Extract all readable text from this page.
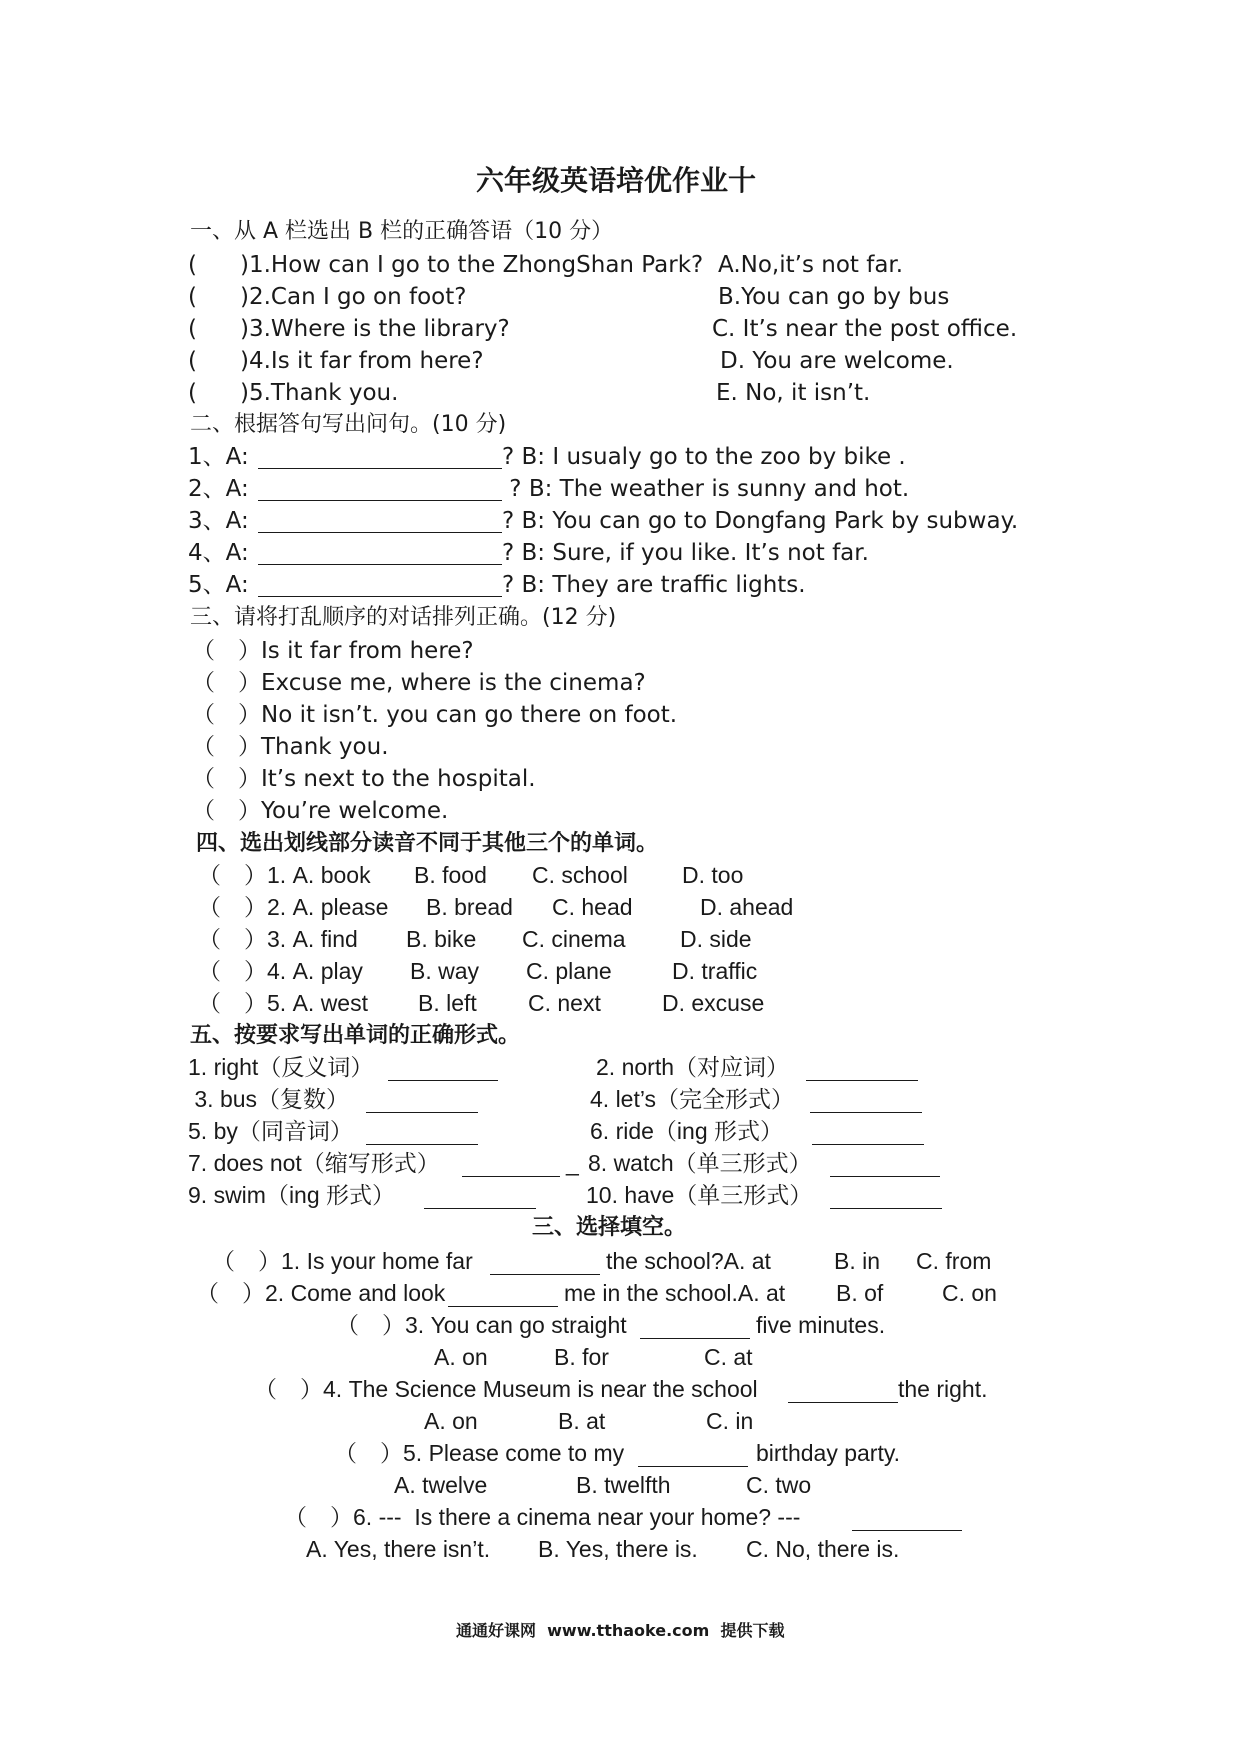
六年级英语培优作业十
一、从 A 栏选出 B 栏的正确答语（10 分）
( )1.How can I go to the ZhongShan Park? A.No,it’s not far.
( )2.Can I go on foot?	B.You can go by bus
( )3.Where is the library?	C. It’s near the post office.
( )4.Is it far from here?	D. You are welcome.
( )5.Thank you.	E. No, it isn’t.
二、根据答句写出问句。(10 分)
1、A:	? B: I usualy go to the zoo by bike .
2、A:	? B: The weather is sunny and hot.
3、A:	? B: You can go to Dongfang Park by subway.
4、A:	? B: Sure, if you like. It’s not far.
5、A:	? B: They are traffic lights.
三、请将打乱顺序的对话排列正确。(12 分)
（　）Is it far from here?
（　）Excuse me, where is the cinema?
（　）No it isn’t. you can go there on foot.
（　）Thank you.
（　）It’s next to the hospital.
（　）You’re welcome.
四、选出划线部分读音不同于其他三个的单词。
（　）1. A. book B. food C. school D. too
（　）2. A. please B. bread C. head	D. ahead
（　）3. A. find B. bike C. cinema D. side
（　）4. A. play B. way C. plane	D. traffic
（　）5. A. west B. left C. next	D. excuse
五、按要求写出单词的正确形式。
1. right（反义词）	2. north（对应词）
3. bus（复数）	4. let’s（完全形式）
5. by（同音词）	6. ride（ing 形式）
7. does not（缩写形式）	_ 8. watch（单三形式）
9. swim（ing 形式）	10. have（单三形式）
三、选择填空。
（　）1. Is your home far	the school?A. at	B. in C. from
（　）2. Come and look	me in the school.A. at B. of	C. on
（　）3. You can go straight	five minutes.
A. on	B. for	C. at
（　）4. The Science Museum is near the school	the right.
A. on	B. at	C. in
（　）5. Please come to my	birthday party.
A. twelve	B. twelfth	C. two
（　）6. ---  Is there a cinema near your home? ---
A. Yes, there isn’t. B. Yes, there is. C. No, there is.
通通好课网  www.tthaoke.com  提供下载
